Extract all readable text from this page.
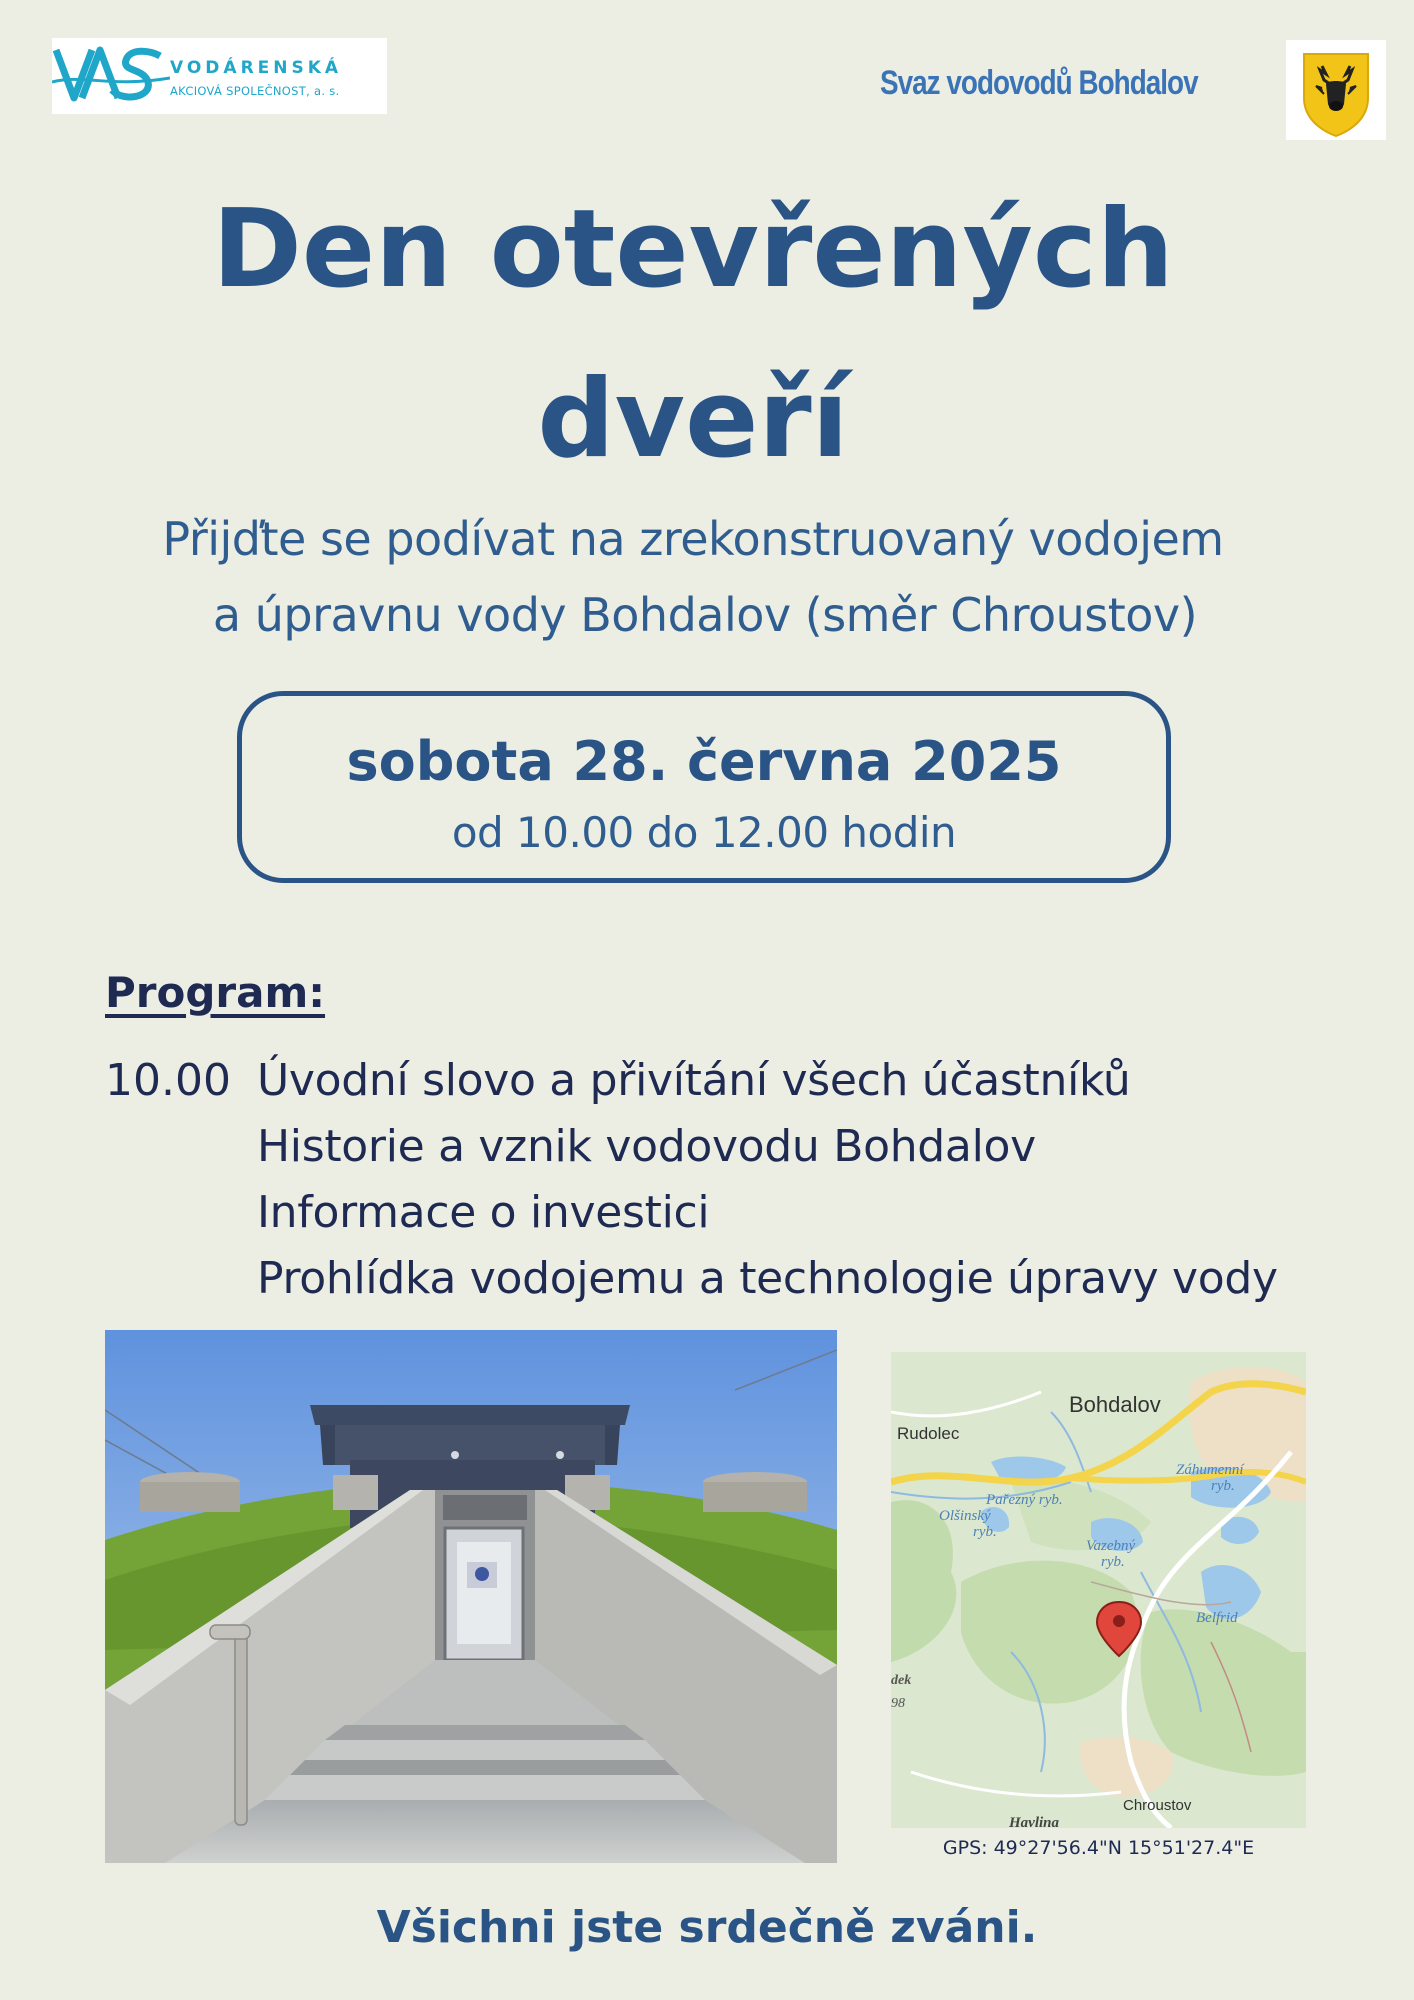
VODÁRENSKÁ
AKCIOVÁ SPOLEČNOST, a. s.	Svaz vodovodů Bohdalov
Den otevřených
dveří
Přijďte se podívat na zrekonstruovaný vodojem
a úpravnu vody Bohdalov (směr Chroustov)
sobota 28. června 2025
od 10.00 do 12.00 hodin
Program:
10.00 Úvodní slovo a přivítání všech účastníků
Historie a vznik vodovodu Bohdalov
Informace o investici
Prohlídka vodojemu a technologie úpravy vody
Bohdalov
Rudolec
Pařezný ryb.
Olšinský
ryb.
Záhumenní
ryb.
Vazebný
ryb.
Belfrid
dek
98
Havlina
Chroustov
GPS: 49°27'56.4"N 15°51'27.4"E
Všichni jste srdečně zváni.
